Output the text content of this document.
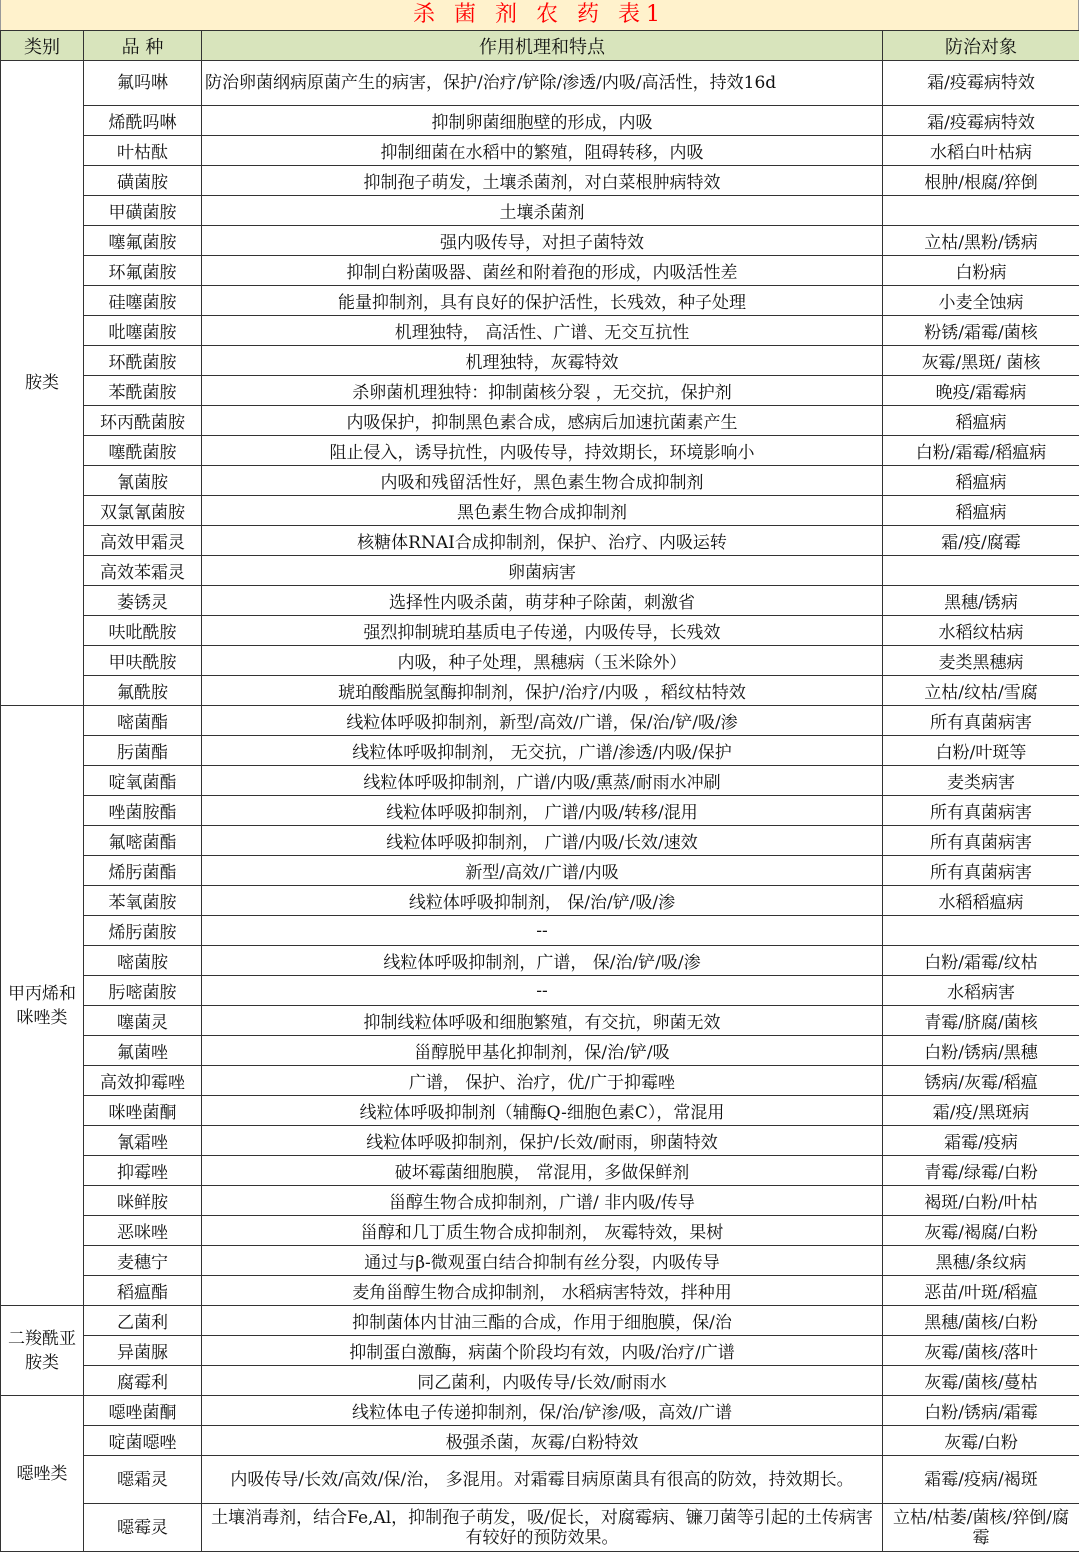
杀 菌 剂 农 药 表1
类别	品 种	作用机理和特点	防治对象
胺类	氟吗啉	防治卵菌纲病原菌产生的病害，保护/治疗/铲除/渗透/内吸/高活性，持效16d	霜/疫霉病特效
	烯酰吗啉	抑制卵菌细胞壁的形成，内吸	霜/疫霉病特效
	叶枯酞	抑制细菌在水稻中的繁殖，阻碍转移，内吸	水稻白叶枯病
	磺菌胺	抑制孢子萌发，土壤杀菌剂，对白菜根肿病特效	根肿/根腐/猝倒
	甲磺菌胺	土壤杀菌剂	
	噻氟菌胺	强内吸传导，对担子菌特效	立枯/黑粉/锈病
	环氟菌胺	抑制白粉菌吸器、菌丝和附着孢的形成，内吸活性差	白粉病
	硅噻菌胺	能量抑制剂，具有良好的保护活性，长残效，种子处理	小麦全蚀病
	吡噻菌胺	机理独特， 高活性、广谱、无交互抗性	粉锈/霜霉/菌核
	环酰菌胺	机理独特，灰霉特效	灰霉/黑斑/ 菌核
	苯酰菌胺	杀卵菌机理独特：抑制菌核分裂 ，无交抗，保护剂	晚疫/霜霉病
	环丙酰菌胺	内吸保护，抑制黑色素合成，感病后加速抗菌素产生	稻瘟病
	噻酰菌胺	阻止侵入，诱导抗性，内吸传导，持效期长，环境影响小	白粉/霜霉/稻瘟病
	氰菌胺	内吸和残留活性好，黑色素生物合成抑制剂	稻瘟病
	双氯氰菌胺	黑色素生物合成抑制剂	稻瘟病
	高效甲霜灵	核糖体RNAⅠ合成抑制剂，保护、治疗、内吸运转	霜/疫/腐霉
	高效苯霜灵	卵菌病害	
	萎锈灵	选择性内吸杀菌，萌芽种子除菌，刺激省	黑穗/锈病
	呋吡酰胺	强烈抑制琥珀基质电子传递，内吸传导，长残效	水稻纹枯病
	甲呋酰胺	内吸，种子处理，黑穗病（玉米除外）	麦类黑穗病
	氟酰胺	琥珀酸酯脱氢酶抑制剂，保护/治疗/内吸 ，稻纹枯特效	立枯/纹枯/雪腐
甲丙烯和咪唑类	嘧菌酯	线粒体呼吸抑制剂，新型/高效/广谱，保/治/铲/吸/渗	所有真菌病害
	肟菌酯	线粒体呼吸抑制剂， 无交抗，广谱/渗透/内吸/保护	白粉/叶斑等
	啶氧菌酯	线粒体呼吸抑制剂，广谱/内吸/熏蒸/耐雨水冲刷	麦类病害
	唑菌胺酯	线粒体呼吸抑制剂， 广谱/内吸/转移/混用	所有真菌病害
	氟嘧菌酯	线粒体呼吸抑制剂， 广谱/内吸/长效/速效	所有真菌病害
	烯肟菌酯	新型/高效/广谱/内吸	所有真菌病害
	苯氧菌胺	线粒体呼吸抑制剂， 保/治/铲/吸/渗	水稻稻瘟病
	烯肟菌胺	--	
	嘧菌胺	线粒体呼吸抑制剂，广谱， 保/治/铲/吸/渗	白粉/霜霉/纹枯
	肟嘧菌胺	--	水稻病害
	噻菌灵	抑制线粒体呼吸和细胞繁殖，有交抗，卵菌无效	青霉/脐腐/菌核
	氟菌唑	甾醇脱甲基化抑制剂，保/治/铲/吸	白粉/锈病/黑穗
	高效抑霉唑	广谱， 保护、治疗，优/广于抑霉唑	锈病/灰霉/稻瘟
	咪唑菌酮	线粒体呼吸抑制剂（辅酶Q-细胞色素C），常混用	霜/疫/黑斑病
	氰霜唑	线粒体呼吸抑制剂，保护/长效/耐雨，卵菌特效	霜霉/疫病
	抑霉唑	破坏霉菌细胞膜， 常混用，多做保鲜剂	青霉/绿霉/白粉
	咪鲜胺	甾醇生物合成抑制剂，广谱/ 非内吸/传导	褐斑/白粉/叶枯
	恶咪唑	甾醇和几丁质生物合成抑制剂， 灰霉特效，果树	灰霉/褐腐/白粉
	麦穗宁	通过与β-微观蛋白结合抑制有丝分裂，内吸传导	黑穗/条纹病
	稻瘟酯	麦角甾醇生物合成抑制剂， 水稻病害特效，拌种用	恶苗/叶斑/稻瘟
二羧酰亚胺类	乙菌利	抑制菌体内甘油三酯的合成，作用于细胞膜，保/治	黑穗/菌核/白粉
	异菌脲	抑制蛋白激酶，病菌个阶段均有效，内吸/治疗/广谱	灰霉/菌核/落叶
	腐霉利	同乙菌利，内吸传导/长效/耐雨水	灰霉/菌核/蔓枯
噁唑类	噁唑菌酮	线粒体电子传递抑制剂，保/治/铲渗/吸，高效/广谱	白粉/锈病/霜霉
	啶菌噁唑	极强杀菌，灰霉/白粉特效	灰霉/白粉
	噁霜灵	内吸传导/长效/高效/保/治， 多混用。对霜霉目病原菌具有很高的防效，持效期长。	霜霉/疫病/褐斑
	噁霉灵	土壤消毒剂，结合Fe,Al，抑制孢子萌发，吸/促长，对腐霉病、镰刀菌等引起的土传病害有较好的预防效果。	立枯/枯萎/菌核/猝倒/腐霉
